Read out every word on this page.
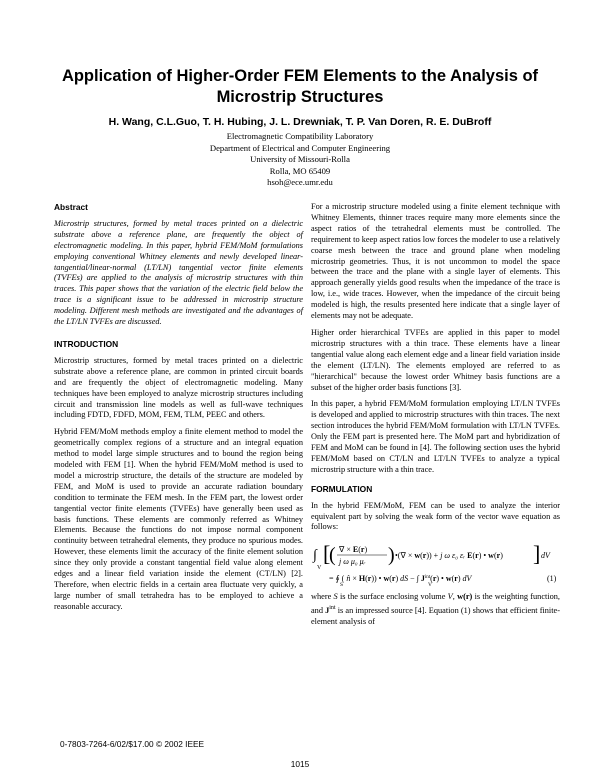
Application of Higher-Order FEM Elements to the Analysis of Microstrip Structures
H. Wang, C.L.Guo, T. H. Hubing, J. L. Drewniak, T. P. Van Doren, R. E. DuBroff
Electromagnetic Compatibility Laboratory
Department of Electrical and Computer Engineering
University of Missouri-Rolla
Rolla, MO 65409
hsoh@ece.umr.edu
Abstract

Microstrip structures, formed by metal traces printed on a dielectric substrate above a reference plane, are frequently the object of electromagnetic modeling. In this paper, hybrid FEM/MoM formulations employing conventional Whitney elements and newly developed linear-tangential/linear-normal (LT/LN) tangential vector finite elements (TVFEs) are applied to the analysis of microstrip structures with thin traces. This paper shows that the variation of the electric field below the trace is a significant issue to be addressed in microstrip structure modeling. Different mesh methods are investigated and the advantages of the LT/LN TVFEs are discussed.

INTRODUCTION

Microstrip structures, formed by metal traces printed on a dielectric substrate above a reference plane, are common in printed circuit boards and are frequently the object of electromagnetic modeling. Many techniques have been employed to analyze microstrip structures including circuit and transmission line models as well as full-wave techniques including FDTD, FDFD, MOM, FEM, TLM, PEEC and others.

Hybrid FEM/MoM methods employ a finite element method to model the geometrically complex regions of a structure and an integral equation method to model large simple structures and to bound the region being modeled with FEM [1]. When the hybrid FEM/MoM method is used to model a microstrip structure, the details of the structure are modeled by FEM, and MoM is used to provide an accurate radiation boundary condition to terminate the FEM mesh. In the FEM part, the lowest order tangential vector finite elements (TVFEs) have generally been used as basis functions. These elements are commonly referred as Whitney Elements. Because the functions do not impose normal component continuity between tetrahedral elements, they produce no spurious modes. However, these elements limit the accuracy of the finite element solution since they only provide a constant tangential field value along element edges and a linear field variation inside the element (CT/LN) [2]. Therefore, when electric fields in a certain area fluctuate very quickly, a large number of small tetrahedra has to be employed to achieve a reasonable accuracy.

For a microstrip structure modeled using a finite element technique with Whitney Elements, thinner traces require many more elements since the aspect ratios of the tetrahedral elements must be controlled. The requirement to keep aspect ratios low forces the modeler to use a relatively coarse mesh between the trace and ground plane when modeling microstrip geometries. Thus, it is not uncommon to model the space between the trace and the plane with a single layer of elements. This approach generally yields good results when the impedance of the trace is low, i.e., wide traces. However, when the impedance of the circuit being modeled is high, the results presented here indicate that a single layer of elements may not be adequate.

Higher order hierarchical TVFEs are applied in this paper to model microstrip structures with a thin trace. These elements have a linear tangential value along each element edge and a linear field variation inside the element (LT/LN). The elements employed are referred to as "hierarchical" because the lowest order Whitney basis functions are a subset of the higher order basis functions [3].

In this paper, a hybrid FEM/MoM formulation employing LT/LN TVFEs is developed and applied to microstrip structures with thin traces. The next section introduces the hybrid FEM/MoM formulation with LT/LN TVFEs. Only the FEM part is presented here. The MoM part and hybridization of FEM and MoM can be found in [4]. The following section uses the hybrid FEM/MoM based on CT/LN and LT/LN TVFEs to analyze a typical microstrip structure with a thin trace.

FORMULATION

In the hybrid FEM/MoM, FEM can be used to analyze the interior equivalent part by solving the weak form of the vector wave equation as follows:

∫
V
[
( ∇ × E(r)
j ω μ₀ μᵣ ) •(∇ × w(r)) + j ω ε₀ εᵣ E(r) • w(r) ] dV
= ∮ ( n̂ × H(r)) • w(r) dS − ∫ $J^{int}(r)$ • w(r) dV
S	V
(1)

where S is the surface enclosing volume V, w(r) is the weighting function, and $J^{int}$ is an impressed source [4]. Equation (1) shows that efficient finite-element analysis of

0-7803-7264-6/02/$17.00 © 2002 IEEE
1015
